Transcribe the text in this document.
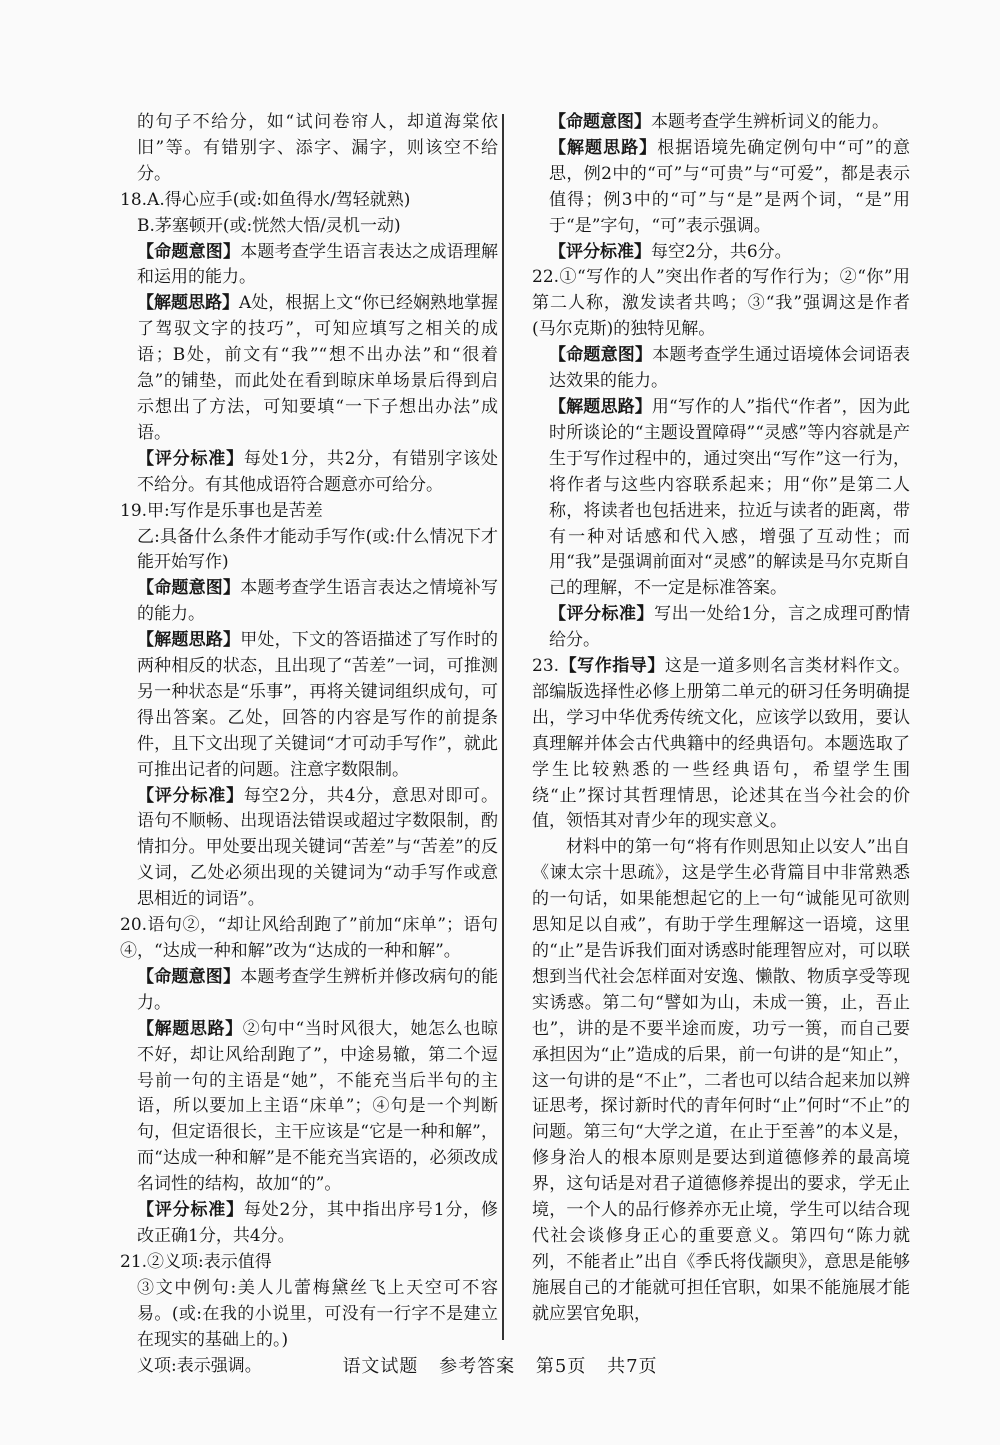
的句子不给分，如“试问卷帘人，却道海棠依旧”等。有错别字、添字、漏字，则该空不给分。

18.A.得心应手(或:如鱼得水/驾轻就熟)

B.茅塞顿开(或:恍然大悟/灵机一动)

【命题意图】本题考查学生语言表达之成语理解和运用的能力。

【解题思路】A处，根据上文“你已经娴熟地掌握了驾驭文字的技巧”，可知应填写之相关的成语；B处，前文有“我”“想不出办法”和“很着急”的铺垫，而此处在看到晾床单场景后得到启示想出了方法，可知要填“一下子想出办法”成语。

【评分标准】每处1分，共2分，有错别字该处不给分。有其他成语符合题意亦可给分。

19.甲:写作是乐事也是苦差

乙:具备什么条件才能动手写作(或:什么情况下才能开始写作)

【命题意图】本题考查学生语言表达之情境补写的能力。

【解题思路】甲处，下文的答语描述了写作时的两种相反的状态，且出现了“苦差”一词，可推测另一种状态是“乐事”，再将关键词组织成句，可得出答案。乙处，回答的内容是写作的前提条件，且下文出现了关键词“才可动手写作”，就此可推出记者的问题。注意字数限制。

【评分标准】每空2分，共4分，意思对即可。语句不顺畅、出现语法错误或超过字数限制，酌情扣分。甲处要出现关键词“苦差”与“苦差”的反义词，乙处必须出现的关键词为“动手写作或意思相近的词语”。

20.语句②，“却让风给刮跑了”前加“床单”；语句④，“达成一种和解”改为“达成的一种和解”。

【命题意图】本题考查学生辨析并修改病句的能力。

【解题思路】②句中“当时风很大，她怎么也晾不好，却让风给刮跑了”，中途易辙，第二个逗号前一句的主语是“她”，不能充当后半句的主语，所以要加上主语“床单”；④句是一个判断句，但定语很长，主干应该是“它是一种和解”，而“达成一种和解”是不能充当宾语的，必须改成名词性的结构，故加“的”。

【评分标准】每处2分，其中指出序号1分，修改正确1分，共4分。

21.②义项:表示值得

③文中例句:美人儿蕾梅黛丝飞上天空可不容易。(或:在我的小说里，可没有一行字不是建立在现实的基础上的。)

义项:表示强调。

【命题意图】本题考查学生辨析词义的能力。

【解题思路】根据语境先确定例句中“可”的意思，例2中的“可”与“可贵”与“可爱”，都是表示值得；例3中的“可”与“是”是两个词，“是”用于“是”字句，“可”表示强调。

【评分标准】每空2分，共6分。

22.①“写作的人”突出作者的写作行为；②“你”用第二人称，激发读者共鸣；③“我”强调这是作者(马尔克斯)的独特见解。

【命题意图】本题考查学生通过语境体会词语表达效果的能力。

【解题思路】用“写作的人”指代“作者”，因为此时所谈论的“主题设置障碍”“灵感”等内容就是产生于写作过程中的，通过突出“写作”这一行为，将作者与这些内容联系起来；用“你”是第二人称，将读者也包括进来，拉近与读者的距离，带有一种对话感和代入感，增强了互动性；而用“我”是强调前面对“灵感”的解读是马尔克斯自己的理解，不一定是标准答案。

【评分标准】写出一处给1分，言之成理可酌情给分。

23.【写作指导】这是一道多则名言类材料作文。部编版选择性必修上册第二单元的研习任务明确提出，学习中华优秀传统文化，应该学以致用，要认真理解并体会古代典籍中的经典语句。本题选取了学生比较熟悉的一些经典语句，希望学生围绕“止”探讨其哲理情思，论述其在当今社会的价值，领悟其对青少年的现实意义。

材料中的第一句“将有作则思知止以安人”出自《谏太宗十思疏》，这是学生必背篇目中非常熟悉的一句话，如果能想起它的上一句“诚能见可欲则思知足以自戒”，有助于学生理解这一语境，这里的“止”是告诉我们面对诱惑时能理智应对，可以联想到当代社会怎样面对安逸、懒散、物质享受等现实诱惑。第二句“譬如为山，未成一篑，止，吾止也”，讲的是不要半途而废，功亏一篑，而自己要承担因为“止”造成的后果，前一句讲的是“知止”，这一句讲的是“不止”，二者也可以结合起来加以辨证思考，探讨新时代的青年何时“止”何时“不止”的问题。第三句“大学之道，在止于至善”的本义是，修身治人的根本原则是要达到道德修养的最高境界，这句话是对君子道德修养提出的要求，学无止境，一个人的品行修养亦无止境，学生可以结合现代社会谈修身正心的重要意义。第四句“陈力就列，不能者止”出自《季氏将伐颛臾》，意思是能够施展自己的才能就可担任官职，如果不能施展才能就应罢官免职，

语文试题 参考答案 第5页 共7页
